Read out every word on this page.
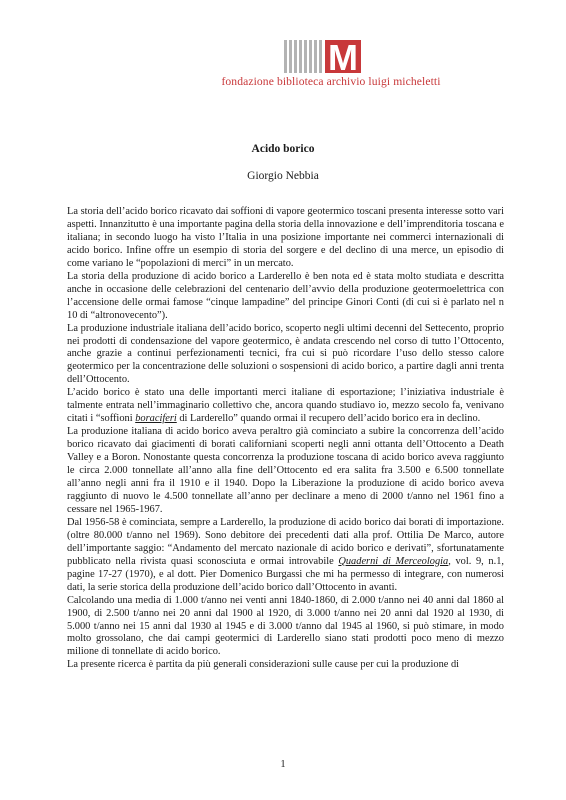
M
fondazione biblioteca archivio luigi micheletti
Acido borico
Giorgio Nebbia

La storia dell’acido borico ricavato dai soffioni di vapore geotermico toscani presenta interesse sotto vari aspetti. Innanzitutto è una importante pagina della storia della innovazione e dell’imprenditoria toscana e italiana; in secondo luogo ha visto l’Italia in una posizione importante nei commerci internazionali di acido borico. Infine offre un esempio di storia del sorgere e del declino di una merce, un episodio di come variano le “popolazioni di merci” in un mercato.

La storia della produzione di acido borico a Larderello è ben nota ed è stata molto studiata e descritta anche in occasione delle celebrazioni del centenario dell’avvio della produzione geotermoelettrica con l’accensione delle ormai famose “cinque lampadine” del principe Ginori Conti (di cui si è parlato nel n 10 di “altronovecento”).

La produzione industriale italiana dell’acido borico, scoperto negli ultimi decenni del Settecento, proprio nei prodotti di condensazione del vapore geotermico, è andata crescendo nel corso di tutto l’Ottocento, anche grazie a continui perfezionamenti tecnici, fra cui si può ricordare l’uso dello stesso calore geotermico per la concentrazione delle soluzioni o sospensioni di acido borico, a partire dagli anni trenta dell’Ottocento.

L’acido borico è stato una delle importanti merci italiane di esportazione; l’iniziativa industriale è talmente entrata nell’immaginario collettivo che, ancora quando studiavo io, mezzo secolo fa, venivano citati i “soffioni boraciferi di Larderello” quando ormai il recupero dell’acido borico era in declino.

La produzione italiana di acido borico aveva peraltro già cominciato a subire la concorrenza dell’acido borico ricavato dai giacimenti di borati californiani scoperti negli anni ottanta dell’Ottocento a Death Valley e a Boron. Nonostante questa concorrenza la produzione toscana di acido borico aveva raggiunto le circa 2.000 tonnellate all’anno alla fine dell’Ottocento ed era salita fra 3.500 e 6.500 tonnellate all’anno negli anni fra il 1910 e il 1940. Dopo la Liberazione la produzione di acido borico aveva raggiunto di nuovo le 4.500 tonnellate all’anno per declinare a meno di 2000 t/anno nel 1961 fino a cessare nel 1965-1967.

Dal 1956-58 è cominciata, sempre a Larderello, la produzione di acido borico dai borati di importazione.(oltre 80.000 t/anno nel 1969). Sono debitore dei precedenti dati alla prof. Ottilia De Marco, autore dell’importante saggio: “Andamento del mercato nazionale di acido borico e derivati”, sfortunatamente pubblicato nella rivista quasi sconosciuta e ormai introvabile Quaderni di Merceologia, vol. 9, n.1, pagine 17-27 (1970), e al dott. Pier Domenico Burgassi che mi ha permesso di integrare, con numerosi dati, la serie storica della produzione dell’acido borico dall’Ottocento in avanti.

Calcolando una media di 1.000 t/anno nei venti anni 1840-1860, di 2.000 t/anno nei 40 anni dal 1860 al 1900, di 2.500 t/anno nei 20 anni dal 1900 al 1920, di 3.000 t/anno nei 20 anni dal 1920 al 1930, di 5.000 t/anno nei 15 anni dal 1930 al 1945 e di 3.000 t/anno dal 1945 al 1960, si può stimare, in modo molto grossolano, che dai campi geotermici di Larderello siano stati prodotti poco meno di mezzo milione di tonnellate di acido borico.

La presente ricerca è partita da più generali considerazioni sulle cause per cui la produzione di

1
